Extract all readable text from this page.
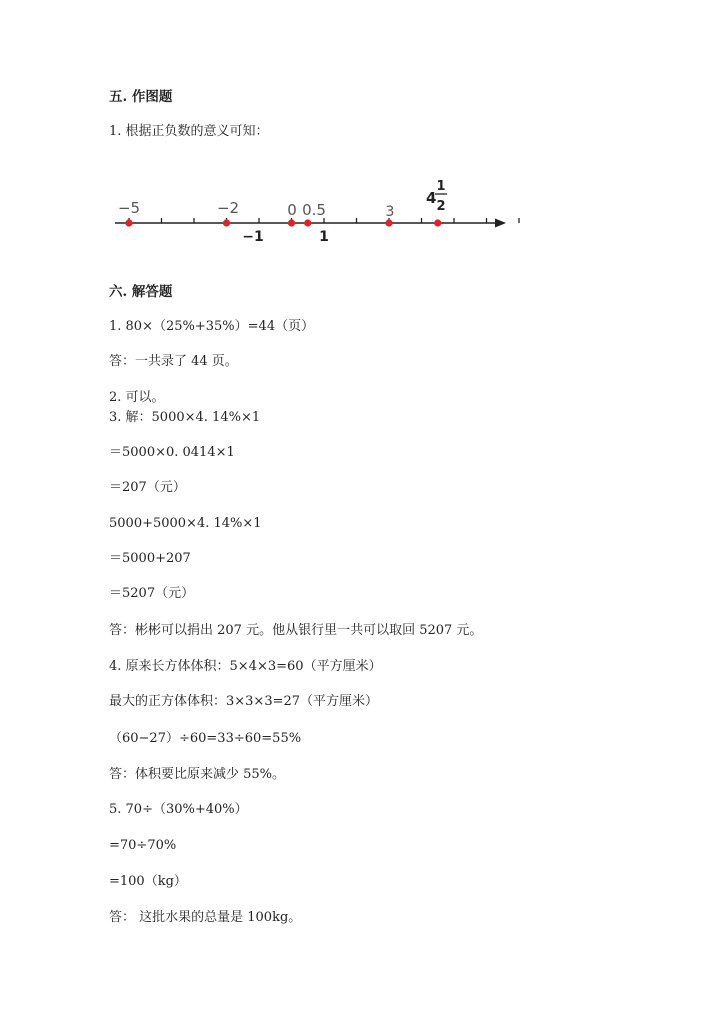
五. 作图题
1. 根据正负数的意义可知：
−5	−2	0 0.5	3
4
1
2
−1	1
六. 解答题
1. 80×（25%+35%）=44（页）
答：一共录了 44 页。
2. 可以。
3. 解：5000×4. 14%×1
＝5000×0. 0414×1
＝207（元）
5000+5000×4. 14%×1
＝5000+207
＝5207（元）
答：彬彬可以捐出 207 元。他从银行里一共可以取回 5207 元。
4. 原来长方体体积：5×4×3=60（平方厘米）
最大的正方体体积：3×3×3=27（平方厘米）
（60−27）÷60=33÷60=55%
答：体积要比原来减少 55%。
5. 70÷（30%+40%）
=70÷70%
=100（kg）
答： 这批水果的总量是 100kg。
